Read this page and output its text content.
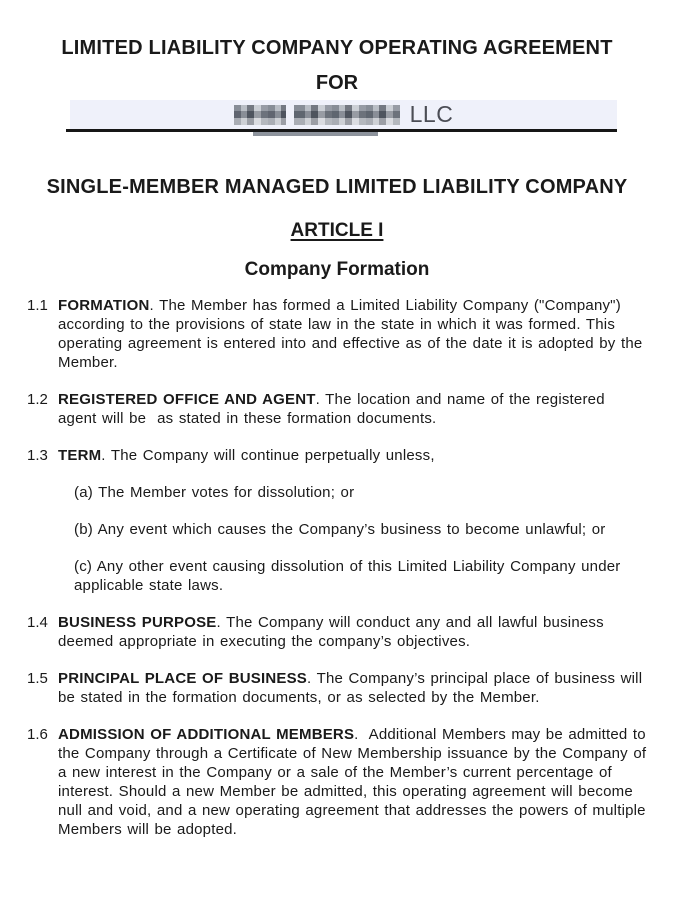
LIMITED LIABILITY COMPANY OPERATING AGREEMENT
FOR
LLC
SINGLE-MEMBER MANAGED LIMITED LIABILITY COMPANY
ARTICLE I
Company Formation
1.1 FORMATION. The Member has formed a Limited Liability Company ("Company") according to the provisions of state law in the state in which it was formed. This operating agreement is entered into and effective as of the date it is adopted by the Member.

1.2 REGISTERED OFFICE AND AGENT. The location and name of the registered agent will be  as stated in these formation documents.

1.3 TERM. The Company will continue perpetually unless,

(a) The Member votes for dissolution; or

(b) Any event which causes the Company’s business to become unlawful; or

(c) Any other event causing dissolution of this Limited Liability Company under   applicable state laws.

1.4 BUSINESS PURPOSE. The Company will conduct any and all lawful business deemed appropriate in executing the company’s objectives.

1.5 PRINCIPAL PLACE OF BUSINESS. The Company’s principal place of business will be stated in the formation documents, or as selected by the Member.

1.6 ADMISSION OF ADDITIONAL MEMBERS.  Additional Members may be admitted to the Company through a Certificate of New Membership issuance by the Company of a new interest in the Company or a sale of the Member’s current percentage of interest. Should a new Member be admitted, this operating agreement will become null and void, and a new operating agreement that addresses the powers of multiple Members will be adopted.
